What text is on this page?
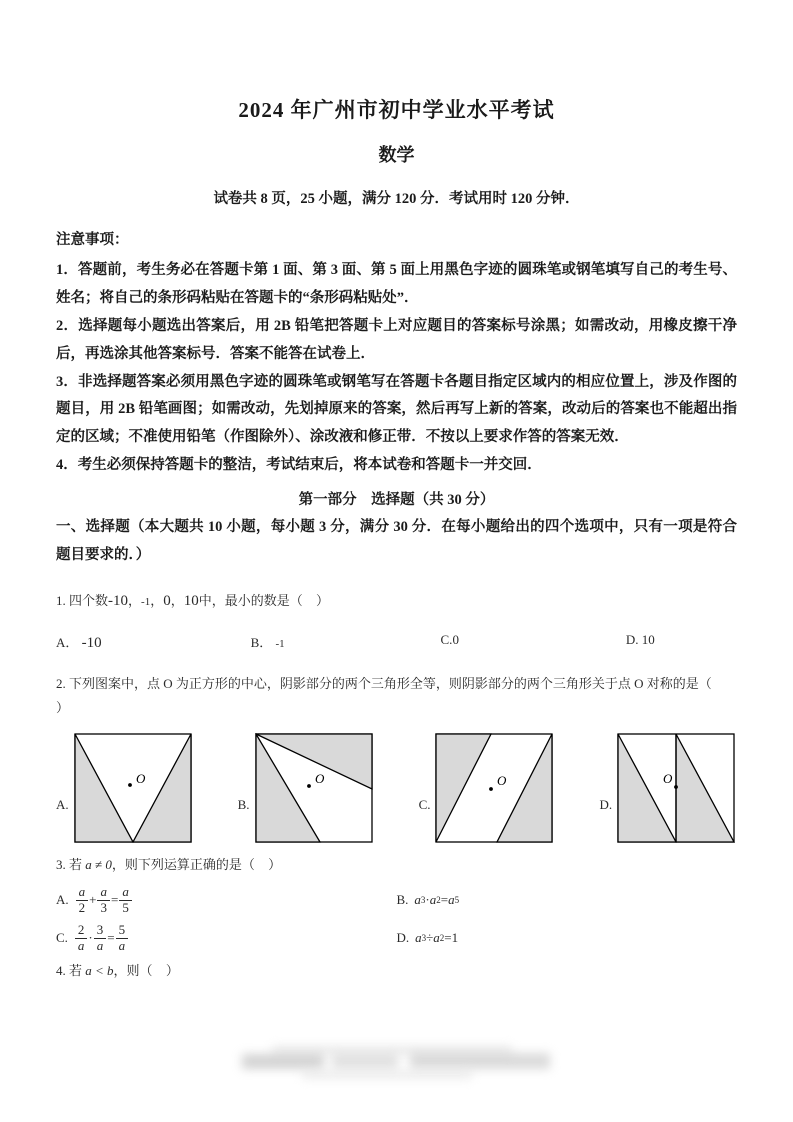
2024 年广州市初中学业水平考试
数学

试卷共 8 页，25 小题，满分 120 分．考试用时 120 分钟．

注意事项：

1．答题前，考生务必在答题卡第 1 面、第 3 面、第 5 面上用黑色字迹的圆珠笔或钢笔填写自己的考生号、姓名；将自己的条形码粘贴在答题卡的“条形码粘贴处”．

2．选择题每小题选出答案后，用 2B 铅笔把答题卡上对应题目的答案标号涂黑；如需改动，用橡皮擦干净后，再选涂其他答案标号．答案不能答在试卷上．

3．非选择题答案必须用黑色字迹的圆珠笔或钢笔写在答题卡各题目指定区域内的相应位置上，涉及作图的题目，用 2B 铅笔画图；如需改动，先划掉原来的答案，然后再写上新的答案，改动后的答案也不能超出指定的区域；不准使用铅笔（作图除外）、涂改液和修正带．不按以上要求作答的答案无效．

4．考生必须保持答题卡的整洁，考试结束后，将本试卷和答题卡一并交回．

第一部分　选择题（共 30 分）

一、选择题（本大题共 10 小题，每小题 3 分，满分 30 分．在每小题给出的四个选项中，只有一项是符合题目要求的．）

1. 四个数-10，-1，0，10中，最小的数是（ ）

A． -10	B． -1	C.0	D. 10

2. 下列图案中，点 O 为正方形的中心，阴影部分的两个三角形全等，则阴影部分的两个三角形关于点 O 对称的是（ ）

A.
O
B.
O
C.
O
D.
O

3. 若 a ≠ 0，则下列运算正确的是（ ）

A. $\frac{a}{2} + \frac{a}{3} = \frac{a}{5}$	B. a 3 · a 2 = a 5
C. $\frac{2}{a} \cdot \frac{3}{a} = \frac{5}{a}$	D. a 3 ÷ a 2 = 1

4. 若 a < b，则（ ）
